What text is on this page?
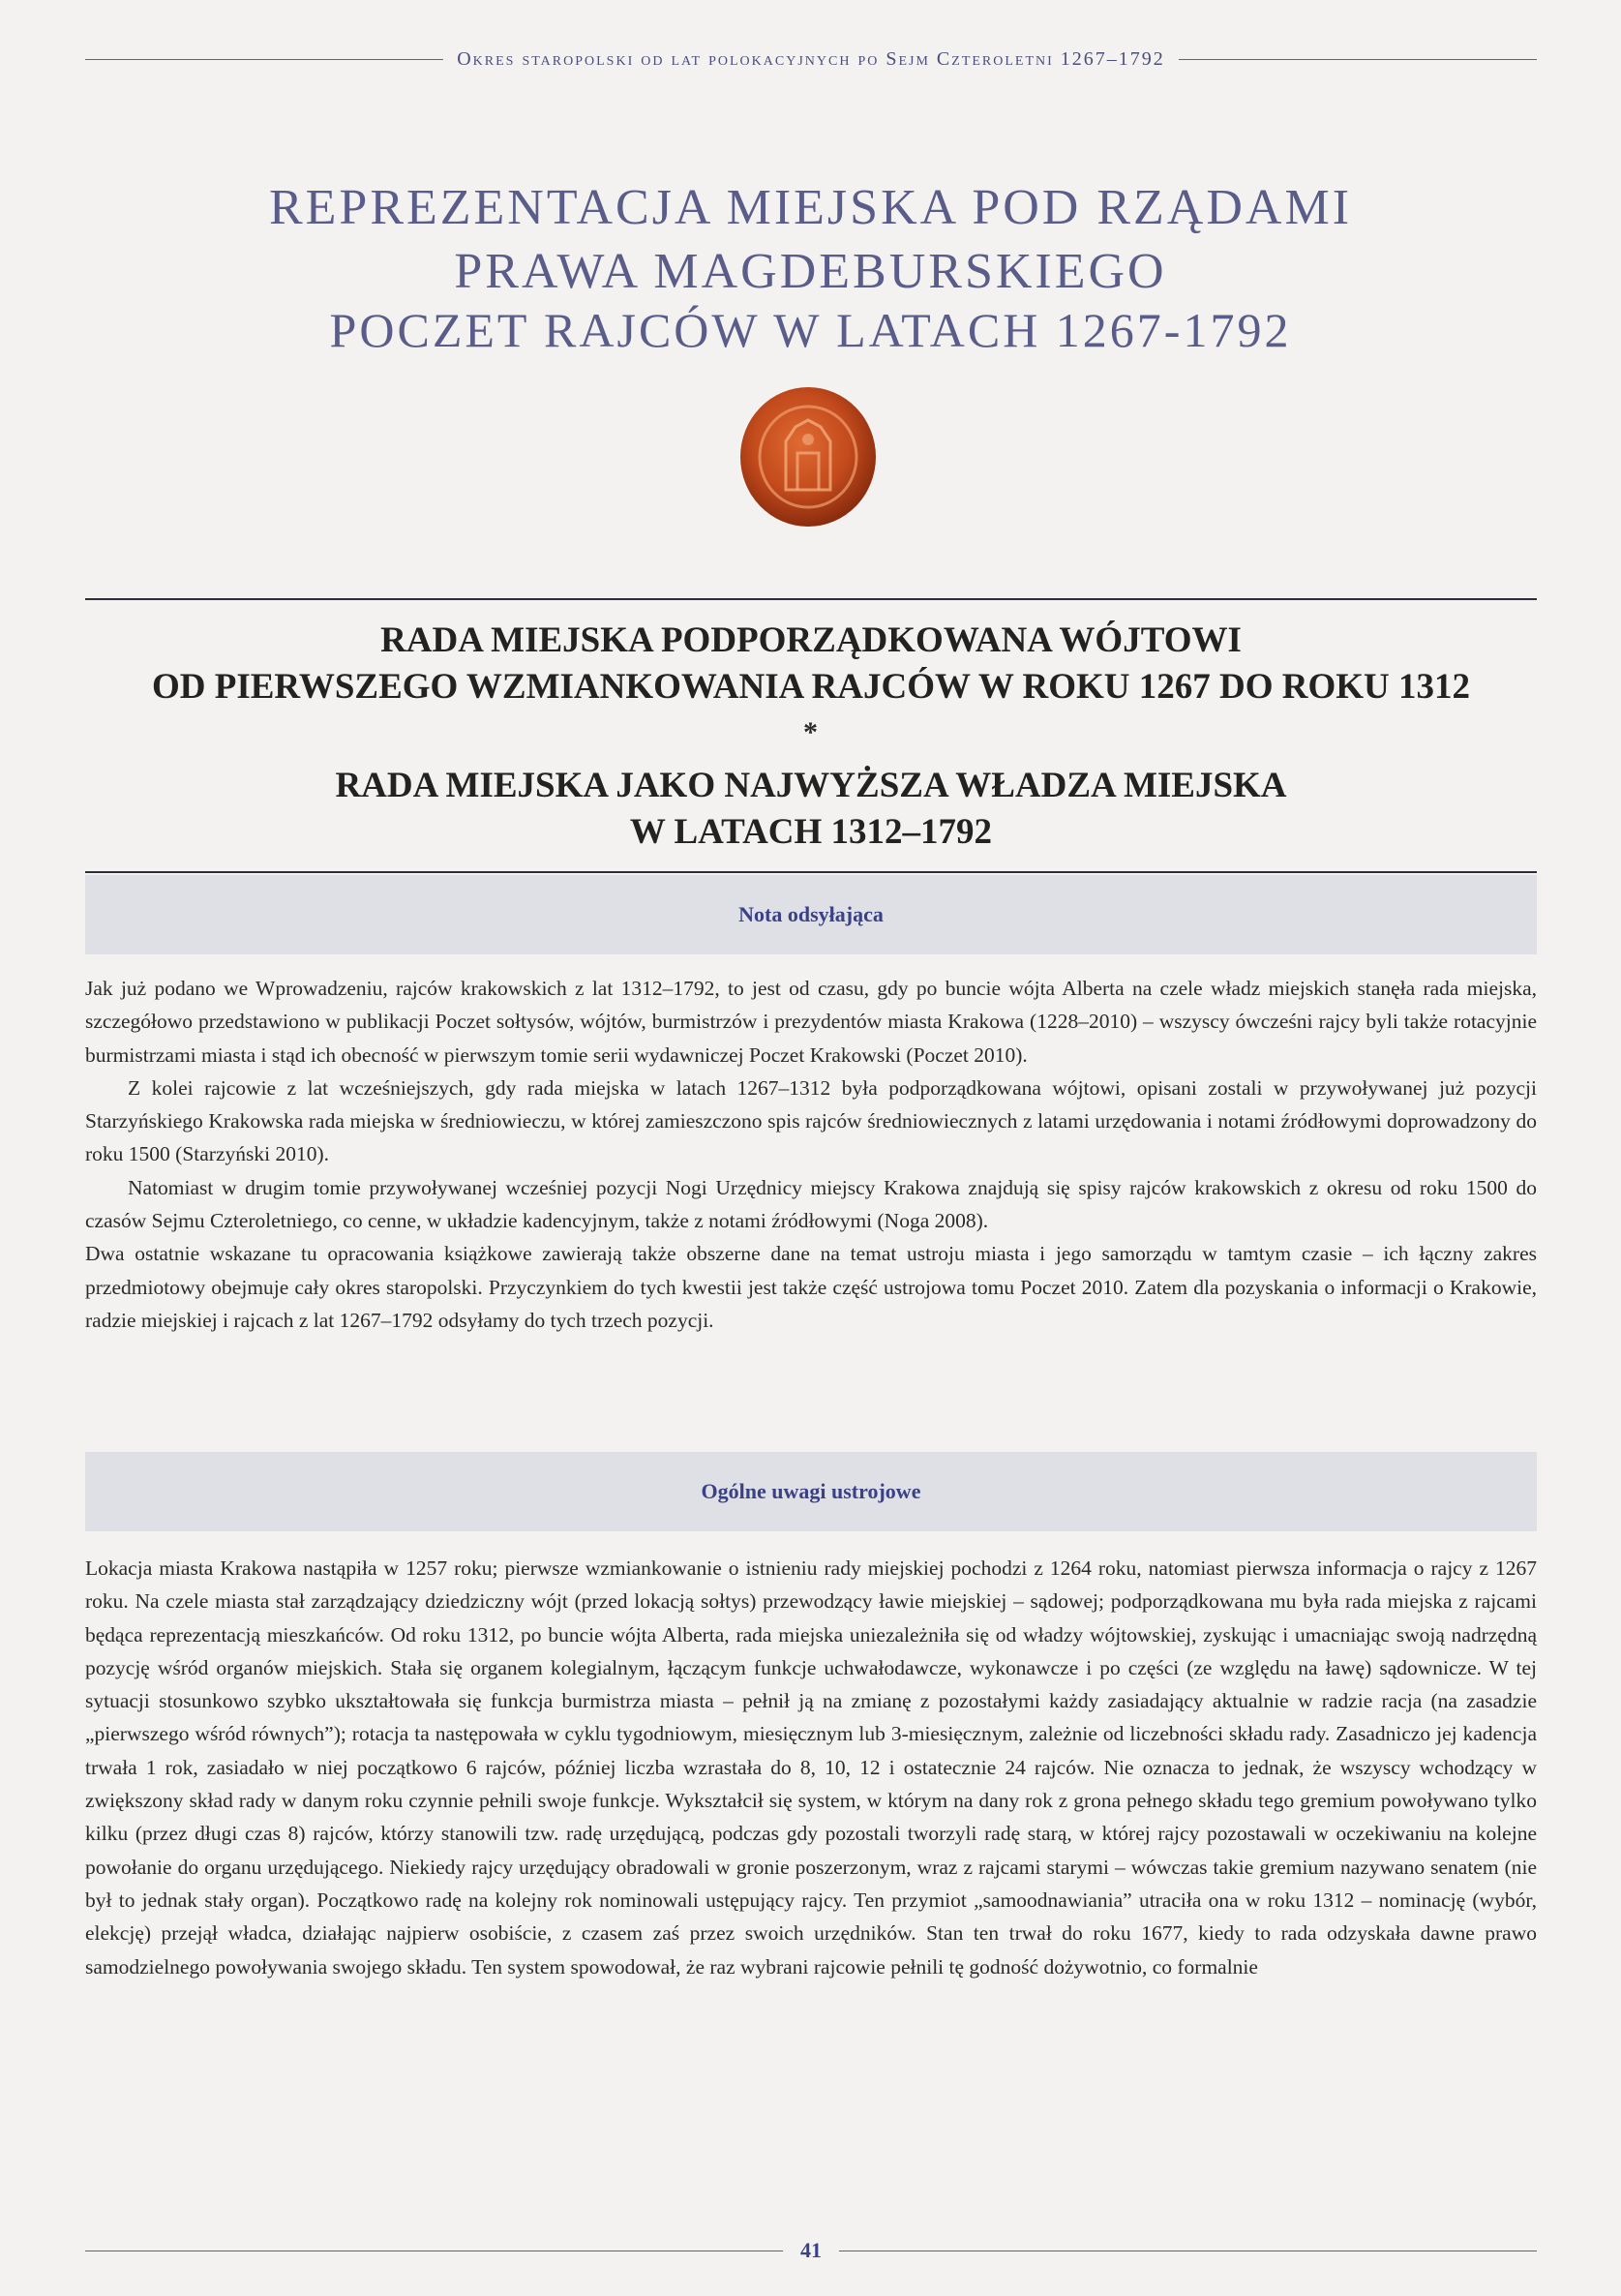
Okres staropolski od lat polokacyjnych po Sejm Czteroletni 1267–1792
REPREZENTACJA MIEJSKA POD RZĄDAMI
PRAWA MAGDEBURSKIEGO
POCZET RAJCÓW W LATACH 1267-1792
RADA MIEJSKA PODPORZĄDKOWANA WÓJTOWI
OD PIERWSZEGO WZMIANKOWANIA RAJCÓW W ROKU 1267 DO ROKU 1312
*
RADA MIEJSKA JAKO NAJWYŻSZA WŁADZA MIEJSKA
W LATACH 1312–1792
Nota odsyłająca

Jak już podano we Wprowadzeniu, rajców krakowskich z lat 1312–1792, to jest od czasu, gdy po buncie wójta Alberta na czele władz miejskich stanęła rada miejska, szczegółowo przedstawiono w publikacji Poczet sołtysów, wójtów, burmistrzów i prezydentów miasta Krakowa (1228–2010) – wszyscy ówcześni rajcy byli także rotacyjnie burmistrzami miasta i stąd ich obecność w pierwszym tomie serii wydawniczej Poczet Krakowski (Poczet 2010).

Z kolei rajcowie z lat wcześniejszych, gdy rada miejska w latach 1267–1312 była podporządkowana wójtowi, opisani zostali w przywoływanej już pozycji Starzyńskiego Krakowska rada miejska w średniowieczu, w której zamieszczono spis rajców średniowiecznych z latami urzędowania i notami źródłowymi doprowadzony do roku 1500 (Starzyński 2010).

Natomiast w drugim tomie przywoływanej wcześniej pozycji Nogi Urzędnicy miejscy Krakowa znajdują się spisy rajców krakowskich z okresu od roku 1500 do czasów Sejmu Czteroletniego, co cenne, w układzie kadencyjnym, także z notami źródłowymi (Noga 2008).

Dwa ostatnie wskazane tu opracowania książkowe zawierają także obszerne dane na temat ustroju miasta i jego samorządu w tamtym czasie – ich łączny zakres przedmiotowy obejmuje cały okres staropolski. Przyczynkiem do tych kwestii jest także część ustrojowa tomu Poczet 2010. Zatem dla pozyskania o informacji o Krakowie, radzie miejskiej i rajcach z lat 1267–1792 odsyłamy do tych trzech pozycji.

Ogólne uwagi ustrojowe

Lokacja miasta Krakowa nastąpiła w 1257 roku; pierwsze wzmiankowanie o istnieniu rady miejskiej pochodzi z 1264 roku, natomiast pierwsza informacja o rajcy z 1267 roku. Na czele miasta stał zarządzający dziedziczny wójt (przed lokacją sołtys) przewodzący ławie miejskiej – sądowej; podporządkowana mu była rada miejska z rajcami będąca reprezentacją mieszkańców. Od roku 1312, po buncie wójta Alberta, rada miejska uniezależniła się od władzy wójtowskiej, zyskując i umacniając swoją nadrzędną pozycję wśród organów miejskich. Stała się organem kolegialnym, łączącym funkcje uchwałodawcze, wykonawcze i po części (ze względu na ławę) sądownicze. W tej sytuacji stosunkowo szybko ukształtowała się funkcja burmistrza miasta – pełnił ją na zmianę z pozostałymi każdy zasiadający aktualnie w radzie racja (na zasadzie „pierwszego wśród równych”); rotacja ta następowała w cyklu tygodniowym, miesięcznym lub 3-miesięcznym, zależnie od liczebności składu rady. Zasadniczo jej kadencja trwała 1 rok, zasiadało w niej początkowo 6 rajców, później liczba wzrastała do 8, 10, 12 i ostatecznie 24 rajców. Nie oznacza to jednak, że wszyscy wchodzący w zwiększony skład rady w danym roku czynnie pełnili swoje funkcje. Wykształcił się system, w którym na dany rok z grona pełnego składu tego gremium powoływano tylko kilku (przez długi czas 8) rajców, którzy stanowili tzw. radę urzędującą, podczas gdy pozostali tworzyli radę starą, w której rajcy pozostawali w oczekiwaniu na kolejne powołanie do organu urzędującego. Niekiedy rajcy urzędujący obradowali w gronie poszerzonym, wraz z rajcami starymi – wówczas takie gremium nazywano senatem (nie był to jednak stały organ). Początkowo radę na kolejny rok nominowali ustępujący rajcy. Ten przymiot „samoodnawiania” utraciła ona w roku 1312 – nominację (wybór, elekcję) przejął władca, działając najpierw osobiście, z czasem zaś przez swoich urzędników. Stan ten trwał do roku 1677, kiedy to rada odzyskała dawne prawo samodzielnego powoływania swojego składu. Ten system spowodował, że raz wybrani rajcowie pełnili tę godność dożywotnio, co formalnie

41
